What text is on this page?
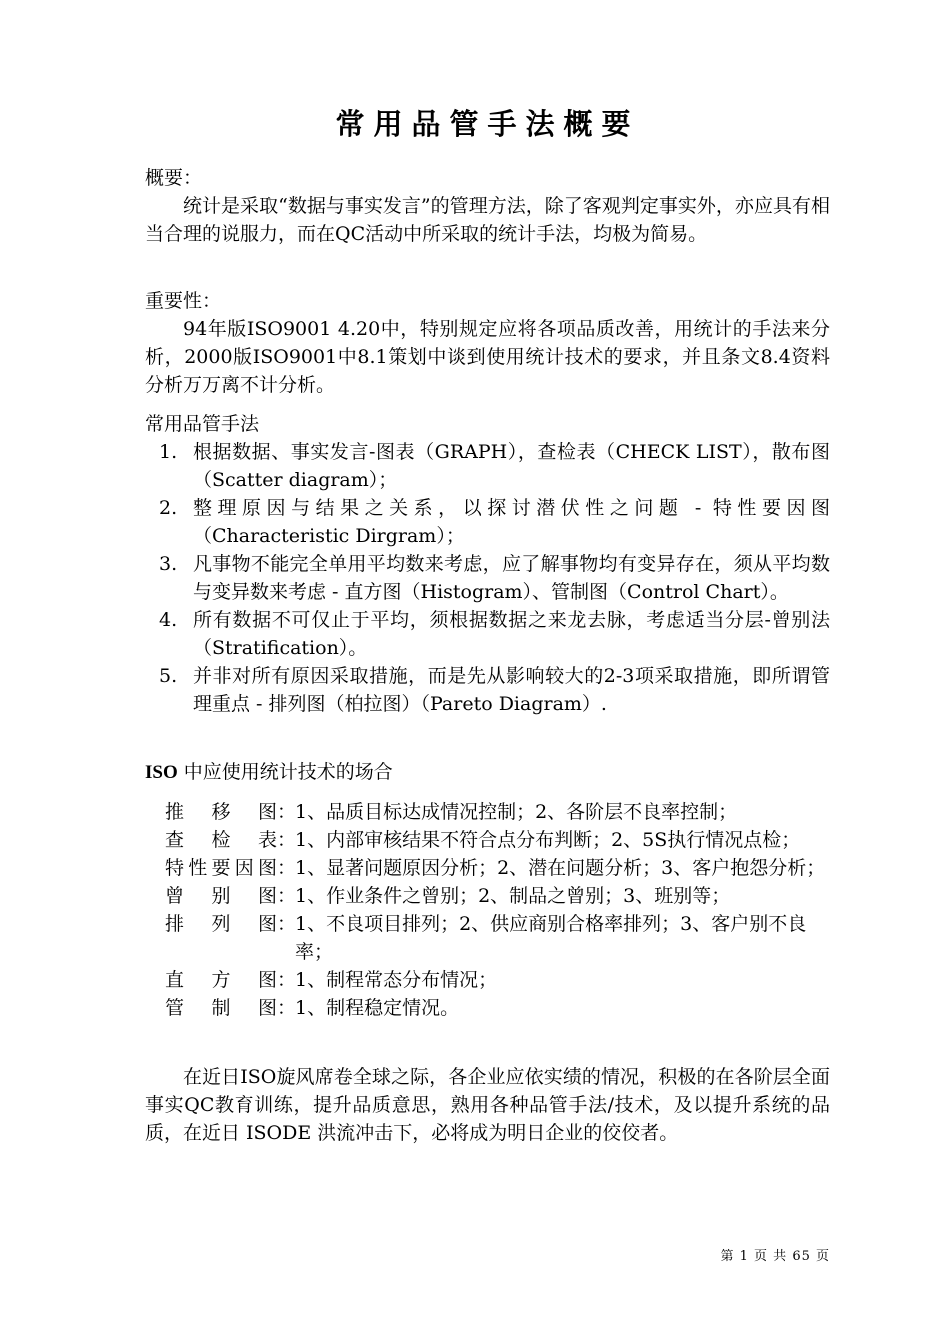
常用品管手法概要

概要：

统计是采取“数据与事实发言”的管理方法，除了客观判定事实外，亦应具有相当合理的说服力，而在QC活动中所采取的统计手法，均极为简易。

重要性：

94年版ISO9001 4.20中，特别规定应将各项品质改善，用统计的手法来分析，2000版ISO9001中8.1策划中谈到使用统计技术的要求，并且条文8.4资料分析万万离不计分析。

常用品管手法

1. 根据数据、事实发言-图表（GRAPH），查检表（CHECK LIST），散布图（Scatter diagram）；
2. 整理原因与结果之关系，以探讨潜伏性之问题 - 特性要因图（Characteristic Dirgram）；
3. 凡事物不能完全单用平均数来考虑，应了解事物均有变异存在，须从平均数与变异数来考虑 - 直方图（Histogram）、管制图（Control Chart）。
4. 所有数据不可仅止于平均，须根据数据之来龙去脉，考虑适当分层-曾别法（Stratification）。
5. 并非对所有原因采取措施，而是先从影响较大的2-3项采取措施，即所谓管理重点 - 排列图（柏拉图）（Pareto Diagram）.

ISO 中应使用统计技术的场合

推 移 图 ：
1、品质目标达成情况控制；2、各阶层不良率控制；
查 检 表 ：
1、内部审核结果不符合点分布判断；2、5S执行情况点检；
特 性 要 因 图 ：
1、显著问题原因分析；2、潜在问题分析；3、客户抱怨分析；
曾 别 图 ：
1、作业条件之曾别；2、制品之曾别；3、班别等；
排 列 图 ：
1、不良项目排列；2、供应商别合格率排列；3、客户别不良率；
直 方 图 ：
1、制程常态分布情况；
管 制 图 ：
1、制程稳定情况。

在近日ISO旋风席卷全球之际，各企业应依实绩的情况，积极的在各阶层全面事实QC教育训练，提升品质意思，熟用各种品管手法/技术，及以提升系统的品质，在近日 ISODE 洪流冲击下，必将成为明日企业的佼佼者。

第 1 页 共 65 页
